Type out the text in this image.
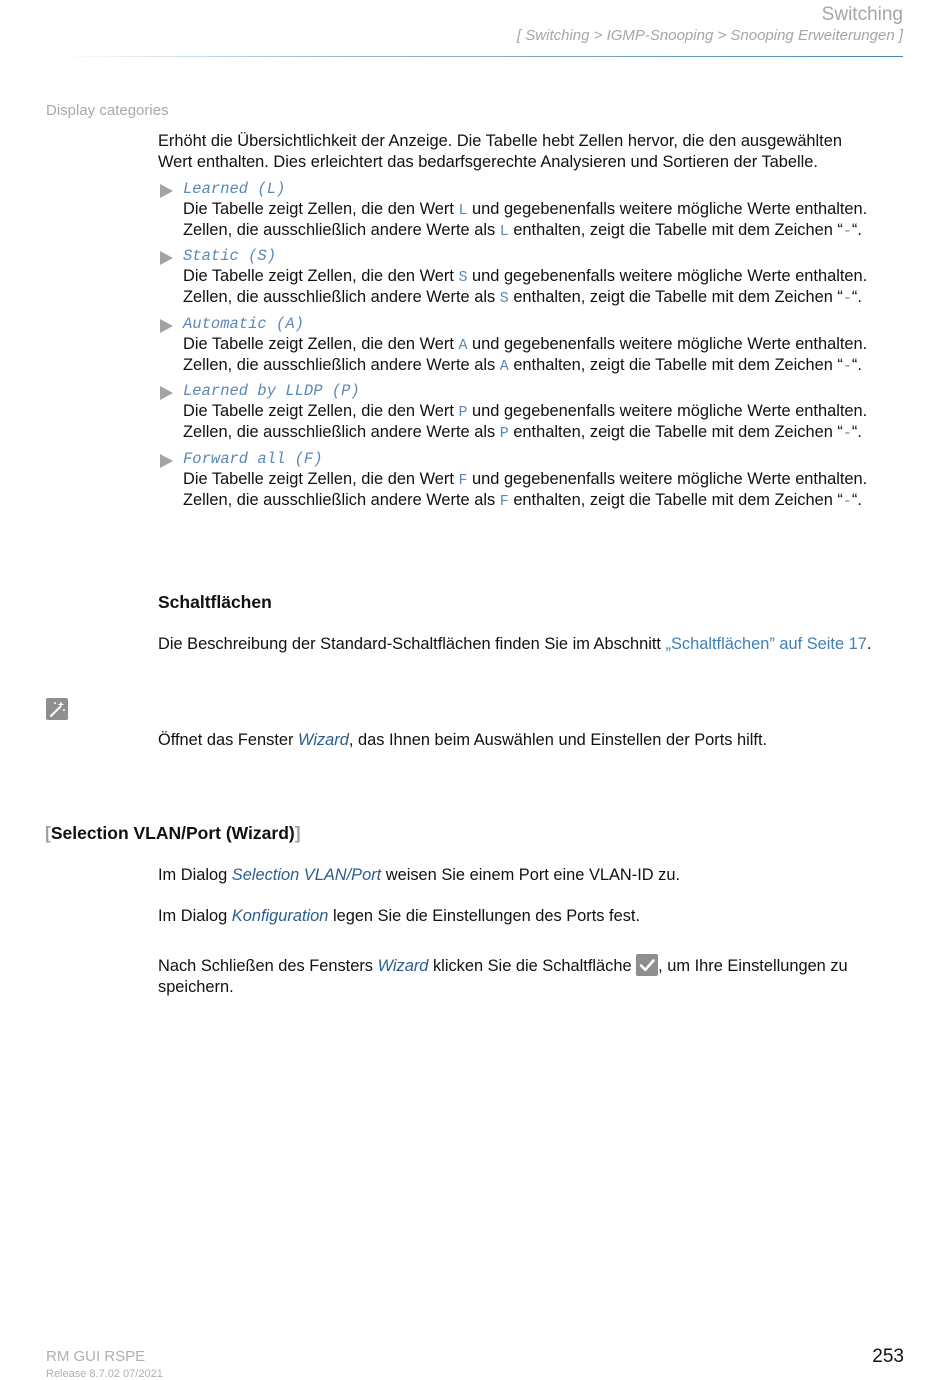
Switching
[ Switching > IGMP-Snooping > Snooping Erweiterungen ]
Display categories
Erhöht die Übersichtlichkeit der Anzeige. Die Tabelle hebt Zellen hervor, die den ausgewählten
Wert enthalten. Dies erleichtert das bedarfsgerechte Analysieren und Sortieren der Tabelle.
Learned (L)
Die Tabelle zeigt Zellen, die den Wert L und gegebenenfalls weitere mögliche Werte enthalten.
Zellen, die ausschließlich andere Werte als L enthalten, zeigt die Tabelle mit dem Zeichen “-“.
Static (S)
Die Tabelle zeigt Zellen, die den Wert S und gegebenenfalls weitere mögliche Werte enthalten.
Zellen, die ausschließlich andere Werte als S enthalten, zeigt die Tabelle mit dem Zeichen “-“.
Automatic (A)
Die Tabelle zeigt Zellen, die den Wert A und gegebenenfalls weitere mögliche Werte enthalten.
Zellen, die ausschließlich andere Werte als A enthalten, zeigt die Tabelle mit dem Zeichen “-“.
Learned by LLDP (P)
Die Tabelle zeigt Zellen, die den Wert P und gegebenenfalls weitere mögliche Werte enthalten.
Zellen, die ausschließlich andere Werte als P enthalten, zeigt die Tabelle mit dem Zeichen “-“.
Forward all (F)
Die Tabelle zeigt Zellen, die den Wert F und gegebenenfalls weitere mögliche Werte enthalten.
Zellen, die ausschließlich andere Werte als F enthalten, zeigt die Tabelle mit dem Zeichen “-“.
Schaltflächen
Die Beschreibung der Standard-Schaltflächen finden Sie im Abschnitt „Schaltflächen” auf Seite 17.
Öffnet das Fenster Wizard, das Ihnen beim Auswählen und Einstellen der Ports hilft.
[Selection VLAN/Port (Wizard)]
Im Dialog Selection VLAN/Port weisen Sie einem Port eine VLAN-ID zu.
Im Dialog Konfiguration legen Sie die Einstellungen des Ports fest.
Nach Schließen des Fensters Wizard klicken Sie die Schaltfläche , um Ihre Einstellungen zu
speichern.
RM GUI RSPE
Release 8.7.02 07/2021
253
